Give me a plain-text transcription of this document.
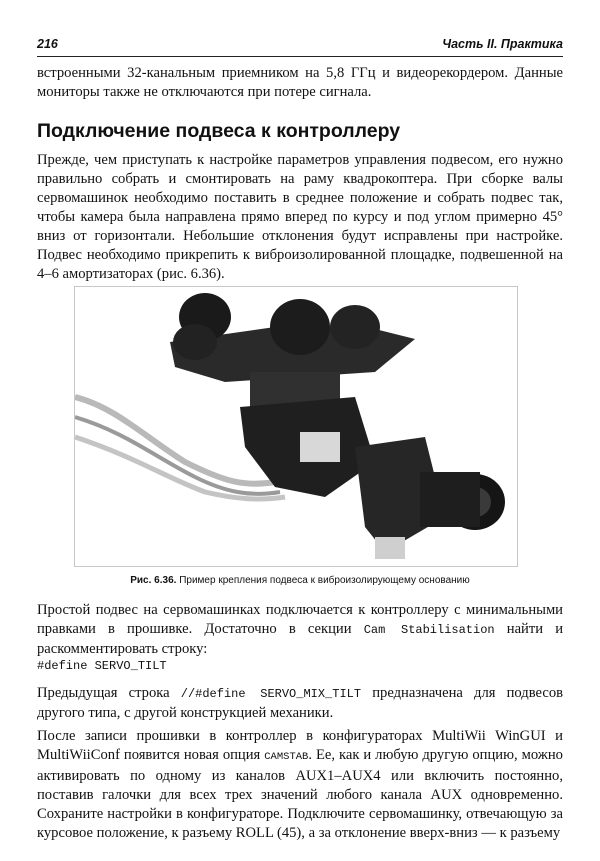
216	Часть II. Практика

встроенными 32-канальным приемником на 5,8 ГГц и видеорекордером. Данные мониторы также не отключаются при потере сигнала.

Подключение подвеса к контроллеру

Прежде, чем приступать к настройке параметров управления подвесом, его нужно правильно собрать и смонтировать на раму квадрокоптера. При сборке валы сервомашинок необходимо поставить в среднее положение и собрать подвес так, чтобы камера была направлена прямо вперед по курсу и под углом примерно 45° вниз от горизонтали. Небольшие отклонения будут исправлены при настройке. Подвес необходимо прикрепить к виброизолированной площадке, подвешенной на 4–6 амортизаторах (рис. 6.36).

Рис. 6.36. Пример крепления подвеса к виброизолирующему основанию

Простой подвес на сервомашинках подключается к контроллеру с минимальными правками в прошивке. Достаточно в секции Cam Stabilisation найти и раскомментировать строку:

#define SERVO_TILT

Предыдущая строка //#define SERVO_MIX_TILT предназначена для подвесов другого типа, с другой конструкцией механики.

После записи прошивки в контроллер в конфигураторах MultiWii WinGUI и MultiWiiConf появится новая опция CAMSTAB. Ее, как и любую другую опцию, можно активировать по одному из каналов AUX1–AUX4 или включить постоянно, поставив галочки для всех трех значений любого канала AUX одновременно. Сохраните настройки в конфигураторе. Подключите сервомашинку, отвечающую за курсовое положение, к разъему ROLL (45), а за отклонение вверх-вниз — к разъему
